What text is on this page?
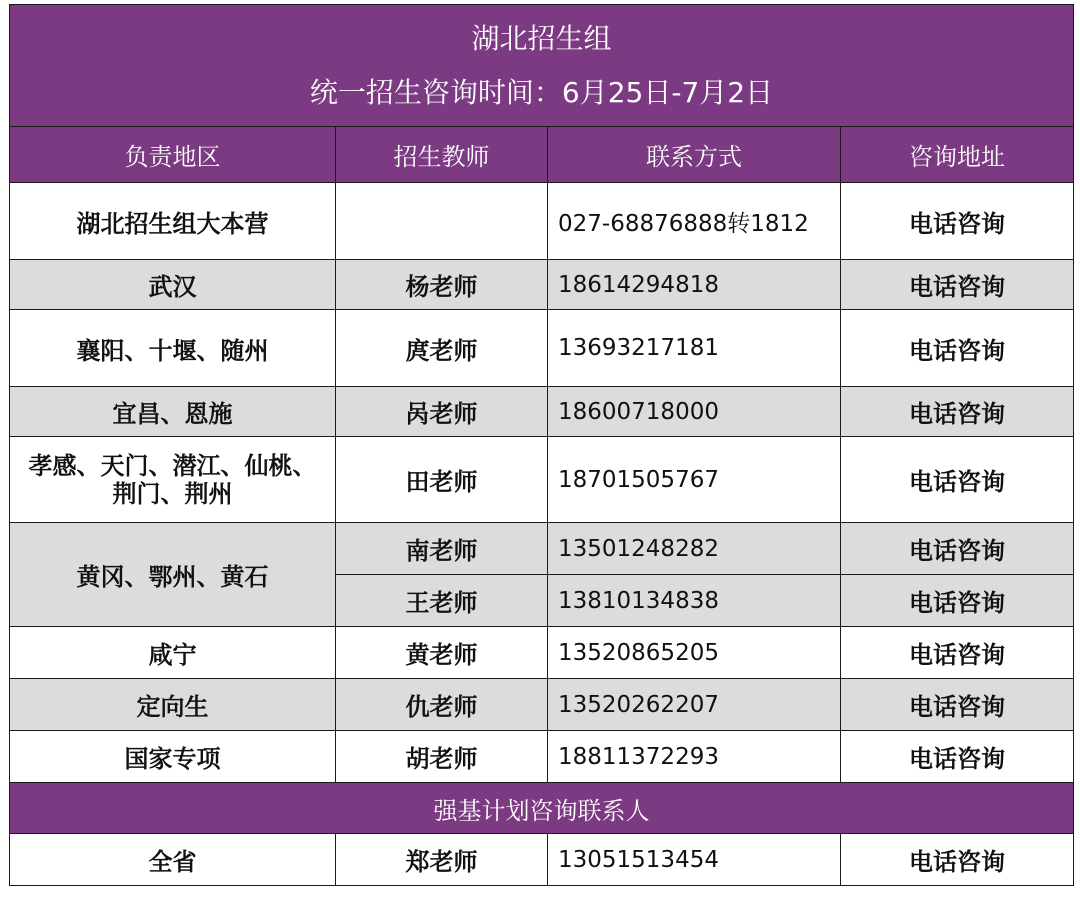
湖北招生组
统一招生咨询时间：6月25日-7月2日			

负责地区	招生教师	联系方式	咨询地址
湖北招生组大本营		027-68876888转1812	电话咨询
武汉	杨老师	18614294818	电话咨询
襄阳、十堰、随州	庹老师	13693217181	电话咨询
宜昌、恩施	呙老师	18600718000	电话咨询

孝感、天门、潜江、仙桃、
荆门、荆州	田老师	18701505767	电话咨询
黄冈、鄂州、黄石	南老师	13501248282	电话咨询
	王老师	13810134838	电话咨询
咸宁	黄老师	13520865205	电话咨询
定向生	仇老师	13520262207	电话咨询
国家专项	胡老师	18811372293	电话咨询
强基计划咨询联系人			
全省	郑老师	13051513454	电话咨询
